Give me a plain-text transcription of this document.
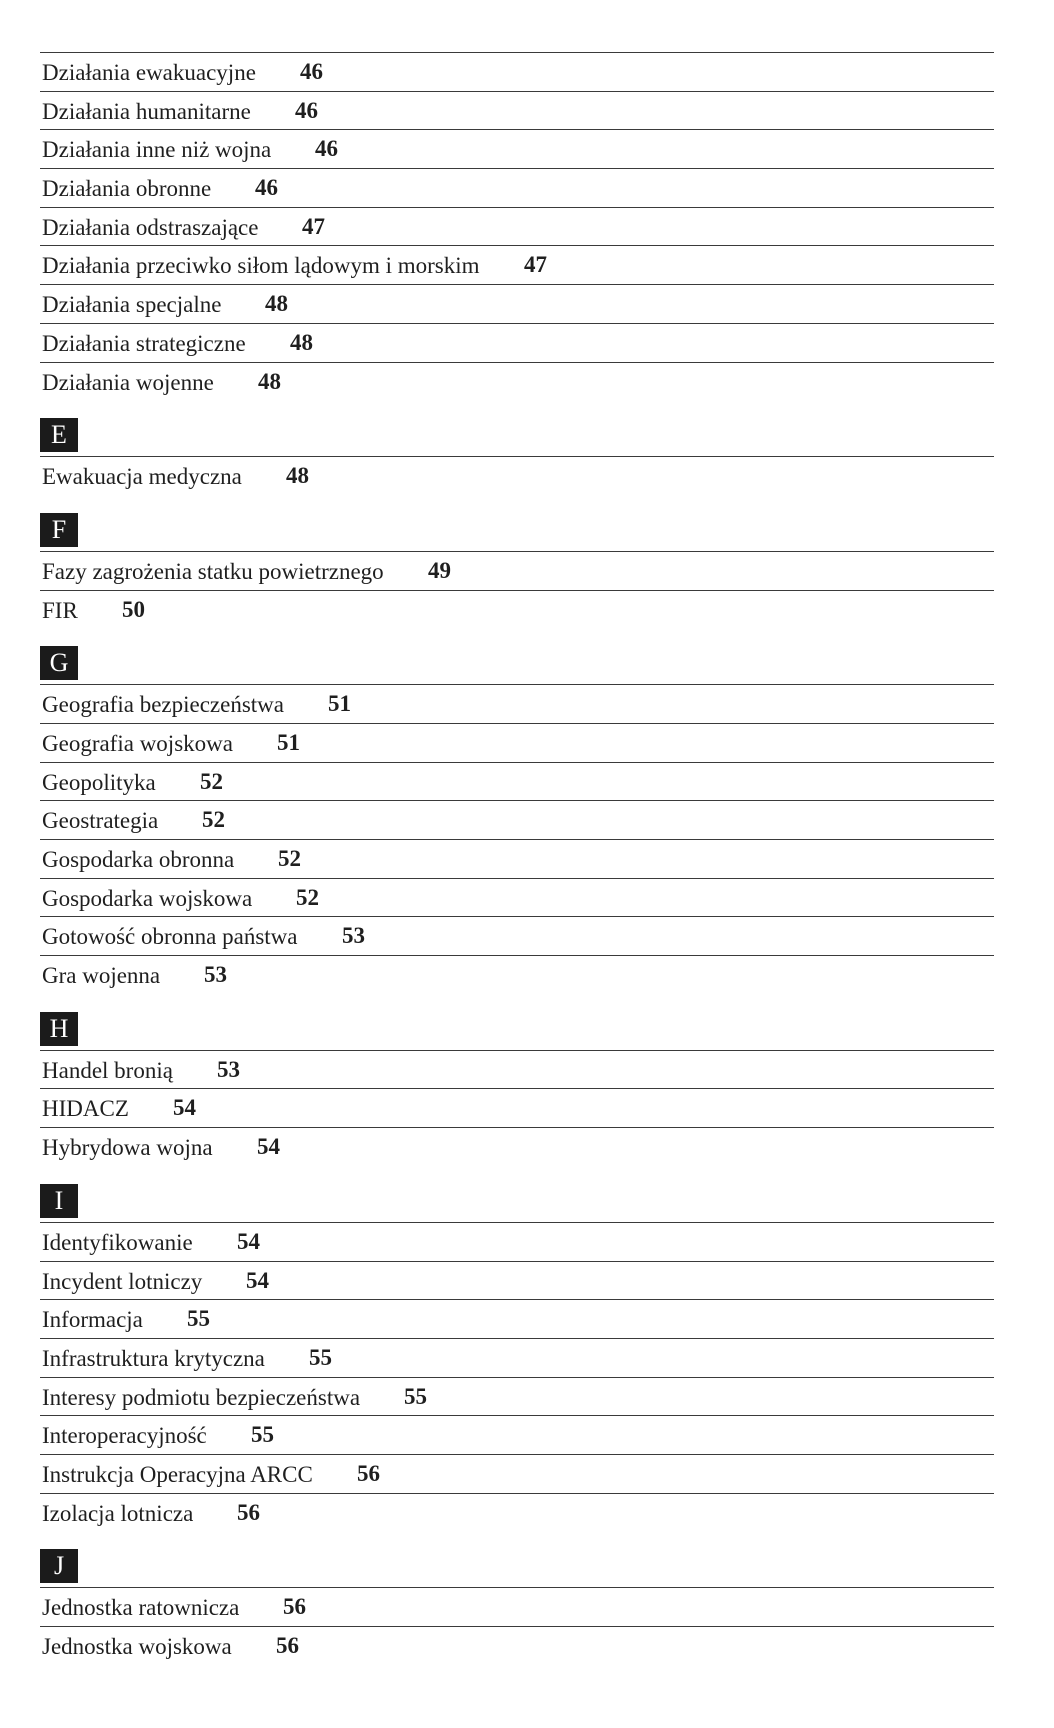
Działania ewakuacyjne 46
Działania humanitarne 46
Działania inne niż wojna 46
Działania obronne 46
Działania odstraszające 47
Działania przeciwko siłom lądowym i morskim 47
Działania specjalne 48
Działania strategiczne 48
Działania wojenne 48
E
Ewakuacja medyczna 48
F
Fazy zagrożenia statku powietrznego 49
FIR 50
G
Geografia bezpieczeństwa 51
Geografia wojskowa 51
Geopolityka 52
Geostrategia 52
Gospodarka obronna 52
Gospodarka wojskowa 52
Gotowość obronna państwa 53
Gra wojenna 53
H
Handel bronią 53
HIDACZ 54
Hybrydowa wojna 54
I
Identyfikowanie 54
Incydent lotniczy 54
Informacja 55
Infrastruktura krytyczna 55
Interesy podmiotu bezpieczeństwa 55
Interoperacyjność 55
Instrukcja Operacyjna ARCC 56
Izolacja lotnicza 56
J
Jednostka ratownicza 56
Jednostka wojskowa 56
